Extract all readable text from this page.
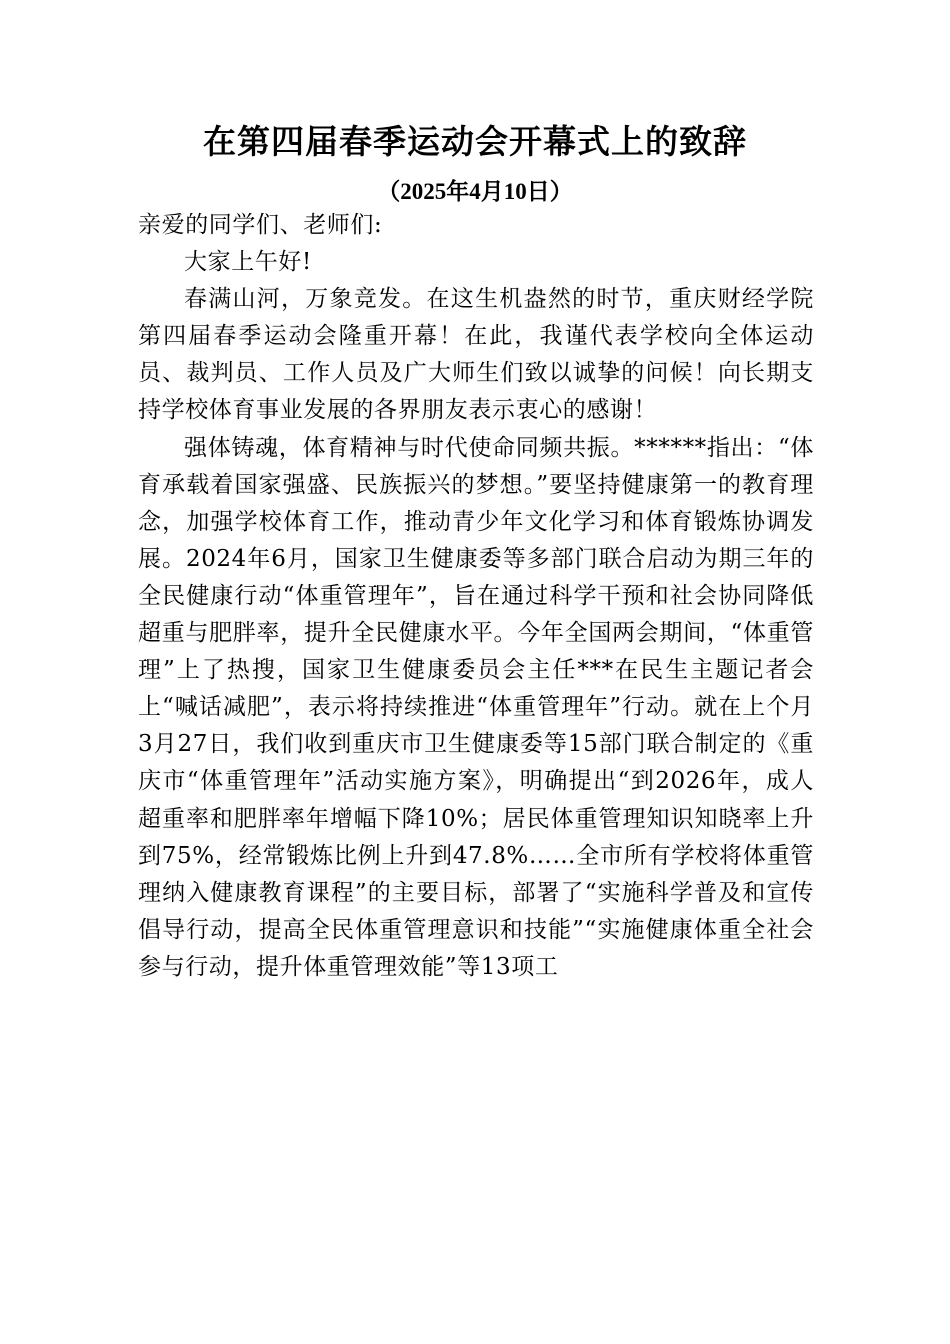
在第四届春季运动会开幕式上的致辞
（2025年4月10日）

亲爱的同学们、老师们:

大家上午好!

春满山河，万象竞发。在这生机盎然的时节，重庆财经学院第四届春季运动会隆重开幕！在此，我谨代表学校向全体运动员、裁判员、工作人员及广大师生们致以诚挚的问候！向长期支持学校体育事业发展的各界朋友表示衷心的感谢！

强体铸魂，体育精神与时代使命同频共振。******指出：“体育承载着国家强盛、民族振兴的梦想。”要坚持健康第一的教育理念，加强学校体育工作，推动青少年文化学习和体育锻炼协调发展。2024年6月，国家卫生健康委等多部门联合启动为期三年的全民健康行动“体重管理年”，旨在通过科学干预和社会协同降低超重与肥胖率，提升全民健康水平。今年全国两会期间，“体重管理”上了热搜，国家卫生健康委员会主任***在民生主题记者会上“喊话减肥”，表示将持续推进“体重管理年”行动。就在上个月3月27日，我们收到重庆市卫生健康委等15部门联合制定的《重庆市“体重管理年”活动实施方案》，明确提出“到2026年，成人超重率和肥胖率年增幅下降10%；居民体重管理知识知晓率上升到75%，经常锻炼比例上升到47.8%……全市所有学校将体重管理纳入健康教育课程”的主要目标，部署了“实施科学普及和宣传倡导行动，提高全民体重管理意识和技能”“实施健康体重全社会参与行动，提升体重管理效能”等13项工
